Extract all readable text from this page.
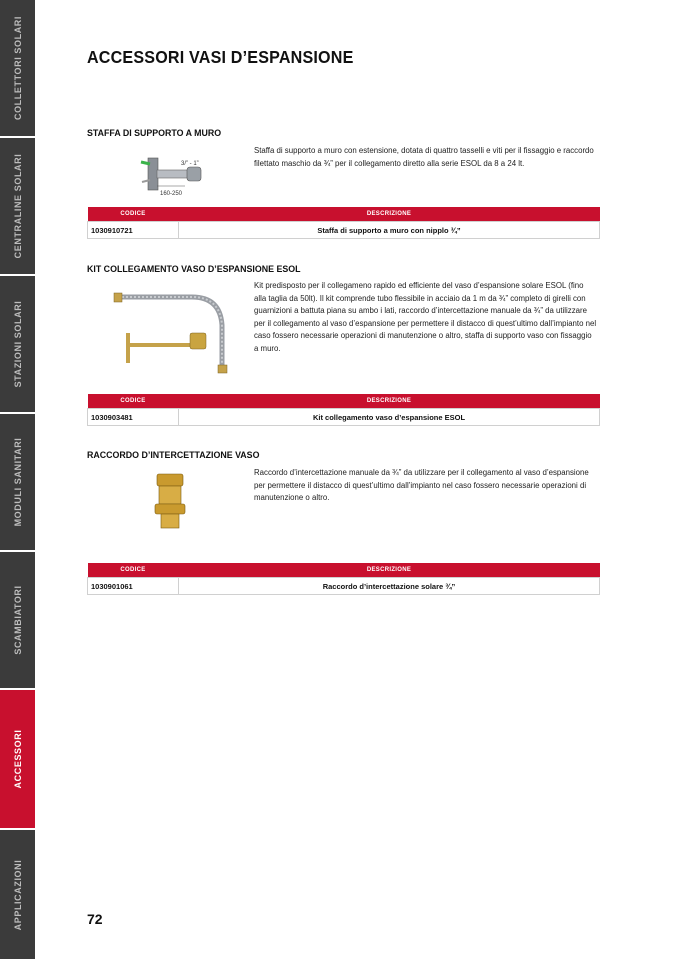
COLLETTORI SOLARI
CENTRALINE SOLARI
STAZIONI SOLARI
MODULI SANITARI
SCAMBIATORI
ACCESSORI
APPLICAZIONI
ACCESSORI VASI D’ESPANSIONE
STAFFA DI SUPPORTO A MURO
Staffa di supporto a muro con estensione, dotata di quattro tasselli e viti per il fissaggio e raccordo filettato maschio da ¾” per il collegamento diretto alla serie ESOL da 8 a 24 lt.
3/” - 1”
160-250
CODICE	DESCRIZIONE
1030910721	Staffa di supporto a muro con nipplo ¾”
KIT COLLEGAMENTO VASO D’ESPANSIONE ESOL
Kit predisposto per il collegameno rapido ed efficiente del vaso d’espansione solare ESOL (fino alla taglia da 50lt). Il kit comprende tubo flessibile in acciaio da 1 m da ¾” completo di girelli con guarnizioni a battuta piana su ambo i lati, raccordo d’intercettazione manuale da ¾” da utilizzare per il collegamento al vaso d’espansione per permettere il distacco di quest’ultimo dall’impianto nel caso fossero necessarie operazioni di manutenzione o altro, staffa di supporto vaso con fissaggio a muro.
CODICE	DESCRIZIONE
1030903481	Kit collegamento vaso d’espansione ESOL
RACCORDO D’INTERCETTAZIONE VASO
Raccordo d’intercettazione manuale da ¾” da utilizzare per il collegamento al vaso d’espansione per permettere il distacco di quest’ultimo dall’impianto nel caso fossero necessarie operazioni di manutenzione o altro.
CODICE	DESCRIZIONE
1030901061	Raccordo d’intercettazione solare ¾”
72
